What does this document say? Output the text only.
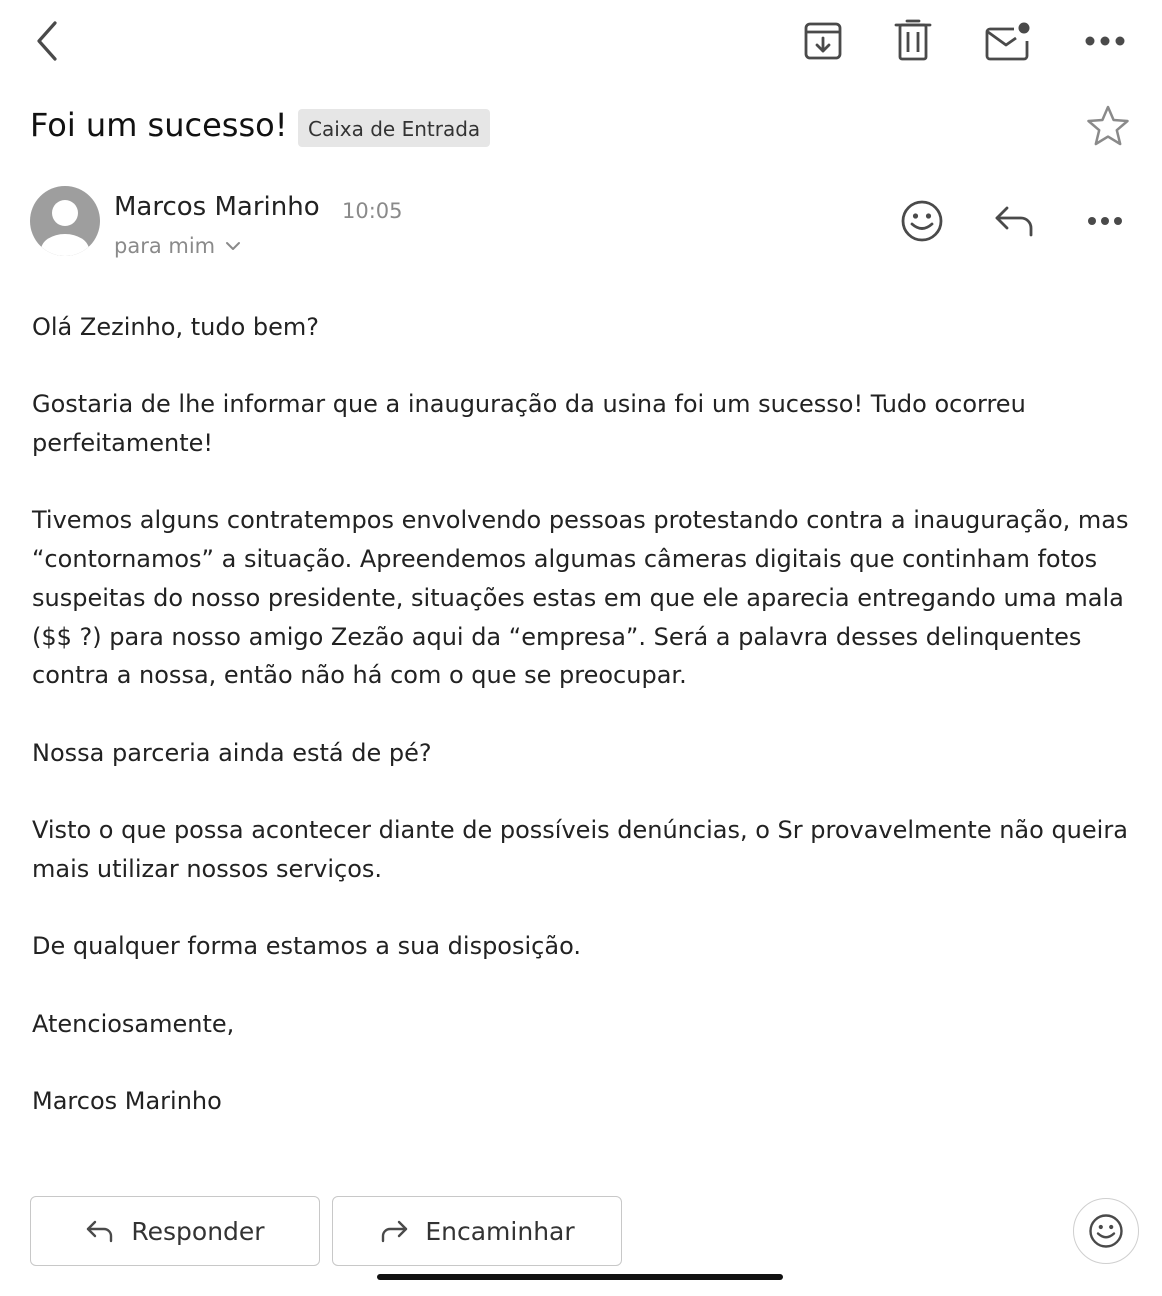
Foi um sucesso!	Caixa de Entrada
Marcos Marinho 10:05
para mim

Olá Zezinho, tudo bem?

Gostaria de lhe informar que a inauguração da usina foi um sucesso! Tudo ocorreu perfeitamente!

Tivemos alguns contratempos envolvendo pessoas protestando contra a inauguração, mas “contornamos” a situação. Apreendemos algumas câmeras digitais que continham fotos suspeitas do nosso presidente, situações estas em que ele aparecia entregando uma mala ($$ ?) para nosso amigo Zezão aqui da “empresa”. Será a palavra desses delinquentes contra a nossa, então não há com o que se preocupar.

Nossa parceria ainda está de pé?

Visto o que possa acontecer diante de possíveis denúncias, o Sr provavelmente não queira mais utilizar nossos serviços.

De qualquer forma estamos a sua disposição.

Atenciosamente,

Marcos Marinho

Responder	Encaminhar
